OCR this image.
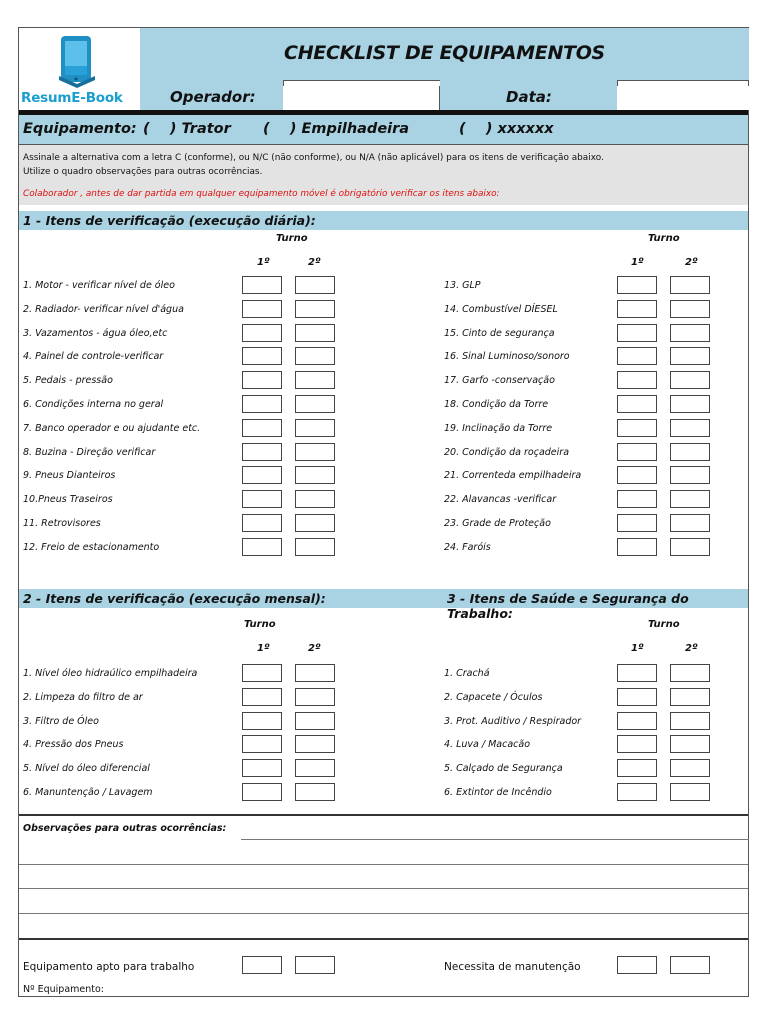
ResumE-Book
CHECKLIST DE EQUIPAMENTOS
Operador:	Data:
Equipamento: (    ) Trator (    ) Empilhadeira	(    ) xxxxxx
Assinale a alternativa com a letra C (conforme), ou N/C (não conforme), ou N/A (não aplicável) para os itens de verificação abaixo.
Utilize o quadro observações para outras ocorrências.
Colaborador , antes de dar partida em qualquer equipamento móvel é obrigatório verificar os itens abaixo:
1 - Itens de verificação (execução diária):
Turno	Turno
1º	2º	1º	2º
1. Motor - verificar nível de óleo	13. GLP
2. Radiador- verificar nível d'água	14. Combustível DÍESEL
3. Vazamentos - água óleo,etc	15. Cinto de segurança
4. Painel de controle-verificar	16. Sinal Luminoso/sonoro
5. Pedais - pressão	17. Garfo -conservação
6. Condições interna no geral	18. Condição da Torre
7. Banco operador e ou ajudante etc.	19. Inclinação da Torre
8. Buzina - Direção verificar	20. Condição da roçadeira
9. Pneus Dianteiros	21. Correnteda empilhadeira
10.Pneus Traseiros	22. Alavancas -verificar
11. Retrovisores	23. Grade de Proteção
12. Freio de estacionamento	24. Faróis
2 - Itens de verificação (execução mensal):	3 - Itens de Saúde e Segurança do Trabalho:
Turno	Turno
1º	2º	1º	2º
1. Nível óleo hidraúlico empilhadeira	1. Crachá
2. Limpeza do filtro de ar	2. Capacete / Óculos
3. Filtro de Óleo	3. Prot. Auditivo / Respirador
4. Pressão dos Pneus	4. Luva / Macacão
5. Nível do óleo diferencial	5. Calçado de Segurança
6. Manuntenção / Lavagem	6. Extintor de Incêndio
Observações para outras ocorrências:
Equipamento apto para trabalho	Necessita de manutenção
Nº Equipamento:
